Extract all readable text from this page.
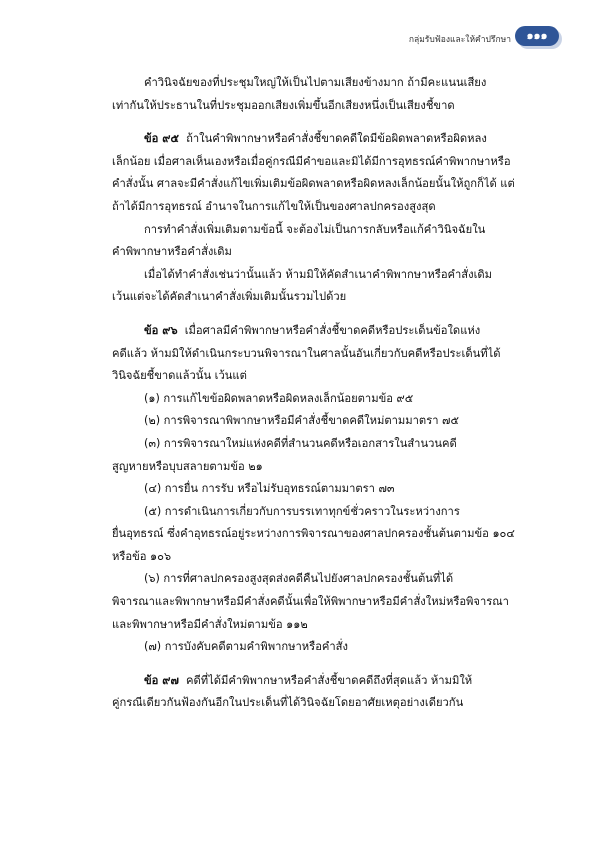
กลุ่มรับฟ้องและให้คำปรึกษา	๑๑๑

คำวินิจฉัยของที่ประชุมใหญ่ให้เป็นไปตามเสียงข้างมาก ถ้ามีคะแนนเสียง

เท่ากันให้ประธานในที่ประชุมออกเสียงเพิ่มขึ้นอีกเสียงหนึ่งเป็นเสียงชี้ขาด

ข้อ ๙๕ ถ้าในคำพิพากษาหรือคำสั่งชี้ขาดคดีใดมีข้อผิดพลาดหรือผิดหลง

เล็กน้อย เมื่อศาลเห็นเองหรือเมื่อคู่กรณีมีคำขอและมิได้มีการอุทธรณ์คำพิพากษาหรือ

คำสั่งนั้น ศาลจะมีคำสั่งแก้ไขเพิ่มเติมข้อผิดพลาดหรือผิดหลงเล็กน้อยนั้นให้ถูกก็ได้ แต่

ถ้าได้มีการอุทธรณ์ อำนาจในการแก้ไขให้เป็นของศาลปกครองสูงสุด

การทำคำสั่งเพิ่มเติมตามข้อนี้ จะต้องไม่เป็นการกลับหรือแก้คำวินิจฉัยใน

คำพิพากษาหรือคำสั่งเดิม

เมื่อได้ทำคำสั่งเช่นว่านั้นแล้ว ห้ามมิให้คัดสำเนาคำพิพากษาหรือคำสั่งเดิม

เว้นแต่จะได้คัดสำเนาคำสั่งเพิ่มเติมนั้นรวมไปด้วย

ข้อ ๙๖ เมื่อศาลมีคำพิพากษาหรือคำสั่งชี้ขาดคดีหรือประเด็นข้อใดแห่ง

คดีแล้ว ห้ามมิให้ดำเนินกระบวนพิจารณาในศาลนั้นอันเกี่ยวกับคดีหรือประเด็นที่ได้

วินิจฉัยชี้ขาดแล้วนั้น เว้นแต่

(๑) การแก้ไขข้อผิดพลาดหรือผิดหลงเล็กน้อยตามข้อ ๙๕

(๒) การพิจารณาพิพากษาหรือมีคำสั่งชี้ขาดคดีใหม่ตามมาตรา ๗๕

(๓) การพิจารณาใหม่แห่งคดีที่สำนวนคดีหรือเอกสารในสำนวนคดี

สูญหายหรือบุบสลายตามข้อ ๒๑

(๔) การยื่น การรับ หรือไม่รับอุทธรณ์ตามมาตรา ๗๓

(๕) การดำเนินการเกี่ยวกับการบรรเทาทุกข์ชั่วคราวในระหว่างการ

ยื่นอุทธรณ์ ซึ่งคำอุทธรณ์อยู่ระหว่างการพิจารณาของศาลปกครองชั้นต้นตามข้อ ๑๐๔

หรือข้อ ๑๐๖

(๖) การที่ศาลปกครองสูงสุดส่งคดีคืนไปยังศาลปกครองชั้นต้นที่ได้

พิจารณาและพิพากษาหรือมีคำสั่งคดีนั้นเพื่อให้พิพากษาหรือมีคำสั่งใหม่หรือพิจารณา

และพิพากษาหรือมีคำสั่งใหม่ตามข้อ ๑๑๒

(๗) การบังคับคดีตามคำพิพากษาหรือคำสั่ง

ข้อ ๙๗ คดีที่ได้มีคำพิพากษาหรือคำสั่งชี้ขาดคดีถึงที่สุดแล้ว ห้ามมิให้

คู่กรณีเดียวกันฟ้องกันอีกในประเด็นที่ได้วินิจฉัยโดยอาศัยเหตุอย่างเดียวกัน
